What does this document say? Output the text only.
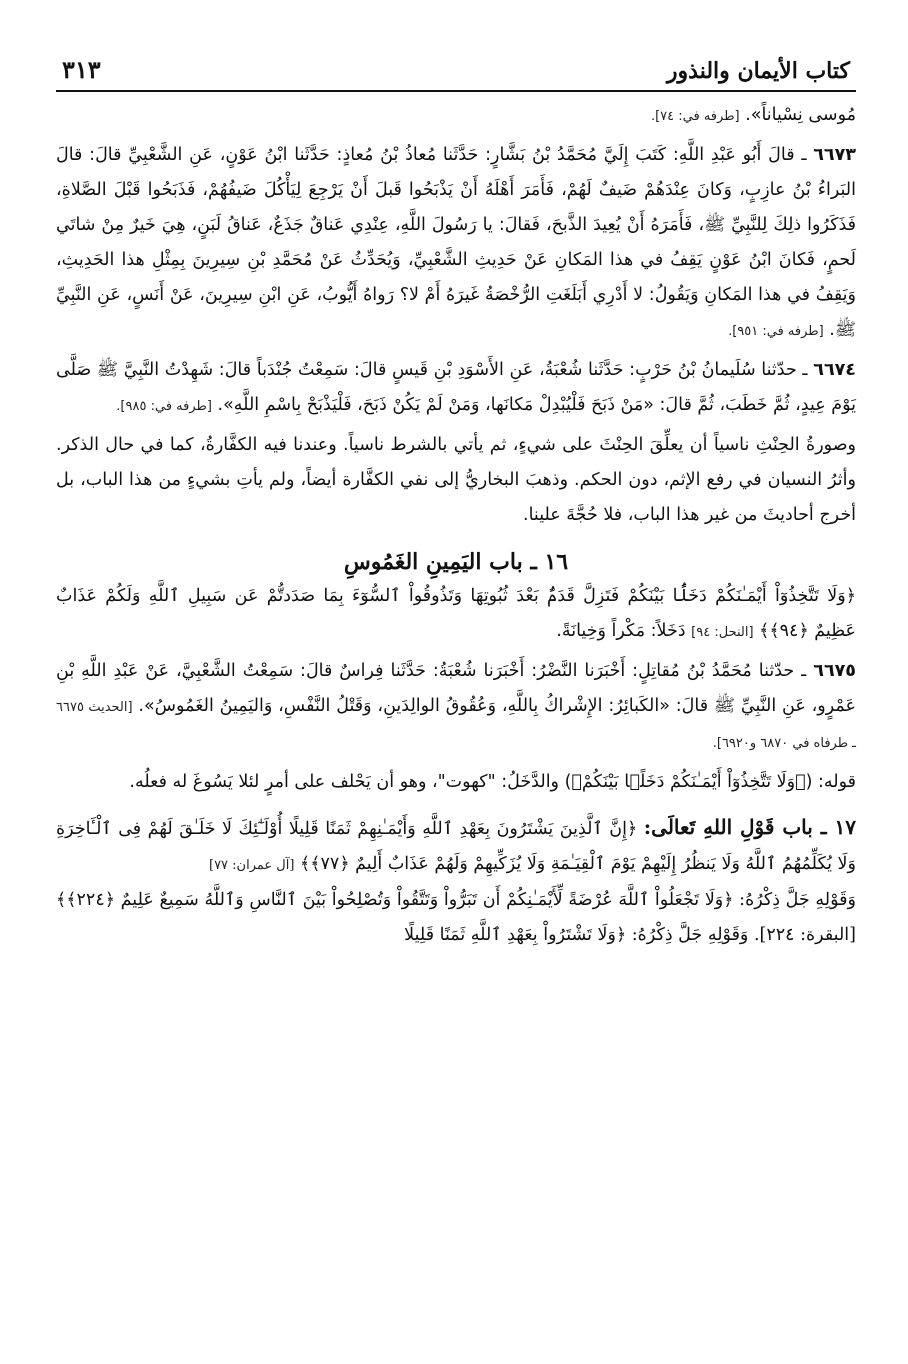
كتاب الأيمان والنذور
٣١٣

مُوسى نِسْياناً». [طرفه في: ٧٤].

٦٦٧٣ ـ قالَ أَبُو عَبْدِ اللَّهِ: كَتَبَ إِلَيَّ مُحَمَّدُ بْنُ بَشَّارٍ: حَدَّثَنا مُعاذُ بْنُ مُعاذٍ: حَدَّثَنا ابْنُ عَوْنٍ، عَنِ الشَّعْبِيِّ قالَ: قالَ البَراءُ بْنُ عازِبٍ، وَكانَ عِنْدَهُمْ ضَيفٌ لَهُمْ، فَأَمَرَ أَهْلَهُ أَنْ يَذْبَحُوا قَبلَ أَنْ يَرْجِعَ لِيَأْكُلَ ضَيفُهُمْ، فَذَبَحُوا قَبْلَ الصَّلاةِ، فَذَكَرُوا ذلِكَ لِلنَّبِيِّ ﷺ، فَأَمَرَهُ أَنْ يُعِيدَ الذَّبحَ، فَقالَ: يا رَسُولَ اللَّهِ، عِنْدِي عَناقٌ جَذَعٌ، عَناقُ لَبَنٍ، هِيَ خَيرٌ مِنْ شاتَي لَحمٍ، فَكانَ ابْنُ عَوْنٍ يَقِفُ في هذا المَكانِ عَنْ حَدِيثِ الشَّعْبِيِّ، وَيُحَدِّثُ عَنْ مُحَمَّدِ بْنِ سِيرِينَ بِمِثْلِ هذا الحَدِيثِ، وَيَقِفُ في هذا المَكانِ وَيَقُولُ: لا أَدْرِي أَبَلَغَتِ الرُّخْصَةُ غَيرَهُ أَمْ لا؟ رَواهُ أَيُّوبُ، عَنِ ابْنِ سِيرِينَ، عَنْ أَنَسٍ، عَنِ النَّبِيِّ ﷺ. [طرفه في: ٩٥١].

٦٦٧٤ ـ حدّثنا سُلَيمانُ بْنُ حَرْبٍ: حَدَّثَنا شُعْبَةُ، عَنِ الأَسْوَدِ بْنِ قَيسٍ قالَ: سَمِعْتُ جُنْدَباً قالَ: شَهِدْتُ النَّبِيَّ ﷺ صَلَّى يَوْمَ عِيدٍ، ثُمَّ خَطَبَ، ثُمَّ قالَ: «مَنْ ذَبَحَ فَلْيُبْدِلْ مَكانَها، وَمَنْ لَمْ يَكُنْ ذَبَحَ، فَلْيَذْبَحْ بِاسْمِ اللَّهِ». [طرفه في: ٩٨٥].

وصورةُ الحِنْثِ ناسياً أن يعلِّقَ الحِنْثَ على شيءٍ، ثم يأتي بالشرط ناسياً. وعندنا فيه الكفَّارةُ، كما في حال الذكر. وأثرُ النسيان في رفع الإثم، دون الحكم. وذهبَ البخاريُّ إلى نفي الكفَّارة أيضاً، ولم يأتِ بشيءٍ من هذا الباب، بل أخرج أحاديثَ من غير هذا الباب، فلا حُجَّةَ علينا.

١٦ ـ باب اليَمِينِ الغَمُوسِ

﴿وَلَا تَتَّخِذُوٓاْ أَيْمَـٰنَكُمْ دَخَلًۢا بَيْنَكُمْ فَتَزِلَّ قَدَمٌۢ بَعْدَ ثُبُوتِهَا وَتَذُوقُواْ ٱلسُّوٓءَ بِمَا صَدَدتُّمْ عَن سَبِيلِ ٱللَّهِ وَلَكُمْ عَذَابٌ عَظِيمٌ ﴿٩٤﴾﴾ [النحل: ٩٤] دَخَلاً: مَكْراً وَخِيانَةً.

٦٦٧٥ ـ حدّثنا مُحَمَّدُ بْنُ مُقاتِلٍ: أَخْبَرَنا النَّضْرُ: أَخْبَرَنا شُعْبَةُ: حَدَّثَنا فِراسٌ قالَ: سَمِعْتُ الشَّعْبِيَّ، عَنْ عَبْدِ اللَّهِ بْنِ عَمْرٍو، عَنِ النَّبِيِّ ﷺ قالَ: «الكَبائِرُ: الإِشْراكُ بِاللَّهِ، وَعُقُوقُ الوالِدَينِ، وَقَتْلُ النَّفْسِ، وَاليَمِينُ الغَمُوسُ». [الحديث ٦٦٧٥ ـ طرفاه في ٦٨٧٠ و٦٩٢٠].

قوله: (﴿وَلَا تَتَّخِذُوٓاْ أَيْمَـٰنَكُمْ دَخَلًۢا بَيْنَكُمْ﴾) والدَّخَلُ: "كهوت"، وهو أن يَحْلف على أمرٍ لئلا يَسُوغَ له فعلُه.

١٧ ـ باب قَوْلِ اللهِ تَعالَى: ﴿إِنَّ ٱلَّذِينَ يَشْتَرُونَ بِعَهْدِ ٱللَّهِ وَأَيْمَـٰنِهِمْ ثَمَنًا قَلِيلًا أُوْلَـٰٓئِكَ لَا خَلَـٰقَ لَهُمْ فِى ٱلْـَٔاخِرَةِ وَلَا يُكَلِّمُهُمُ ٱللَّهُ وَلَا يَنظُرُ إِلَيْهِمْ يَوْمَ ٱلْقِيَـٰمَةِ وَلَا يُزَكِّيهِمْ وَلَهُمْ عَذَابٌ أَلِيمٌ ﴿٧٧﴾﴾ [آل عمران: ٧٧]

وَقَوْلِهِ جَلَّ ذِكْرُهُ: ﴿وَلَا تَجْعَلُواْ ٱللَّهَ عُرْضَةً لِّأَيْمَـٰنِكُمْ أَن تَبَرُّواْ وَتَتَّقُواْ وَتُصْلِحُواْ بَيْنَ ٱلنَّاسِ وَٱللَّهُ سَمِيعٌ عَلِيمٌ ﴿٢٢٤﴾﴾ [البقرة: ٢٢٤]. وَقَوْلِهِ جَلَّ ذِكْرُهُ: ﴿وَلَا تَشْتَرُواْ بِعَهْدِ ٱللَّهِ ثَمَنًا قَلِيلًا
